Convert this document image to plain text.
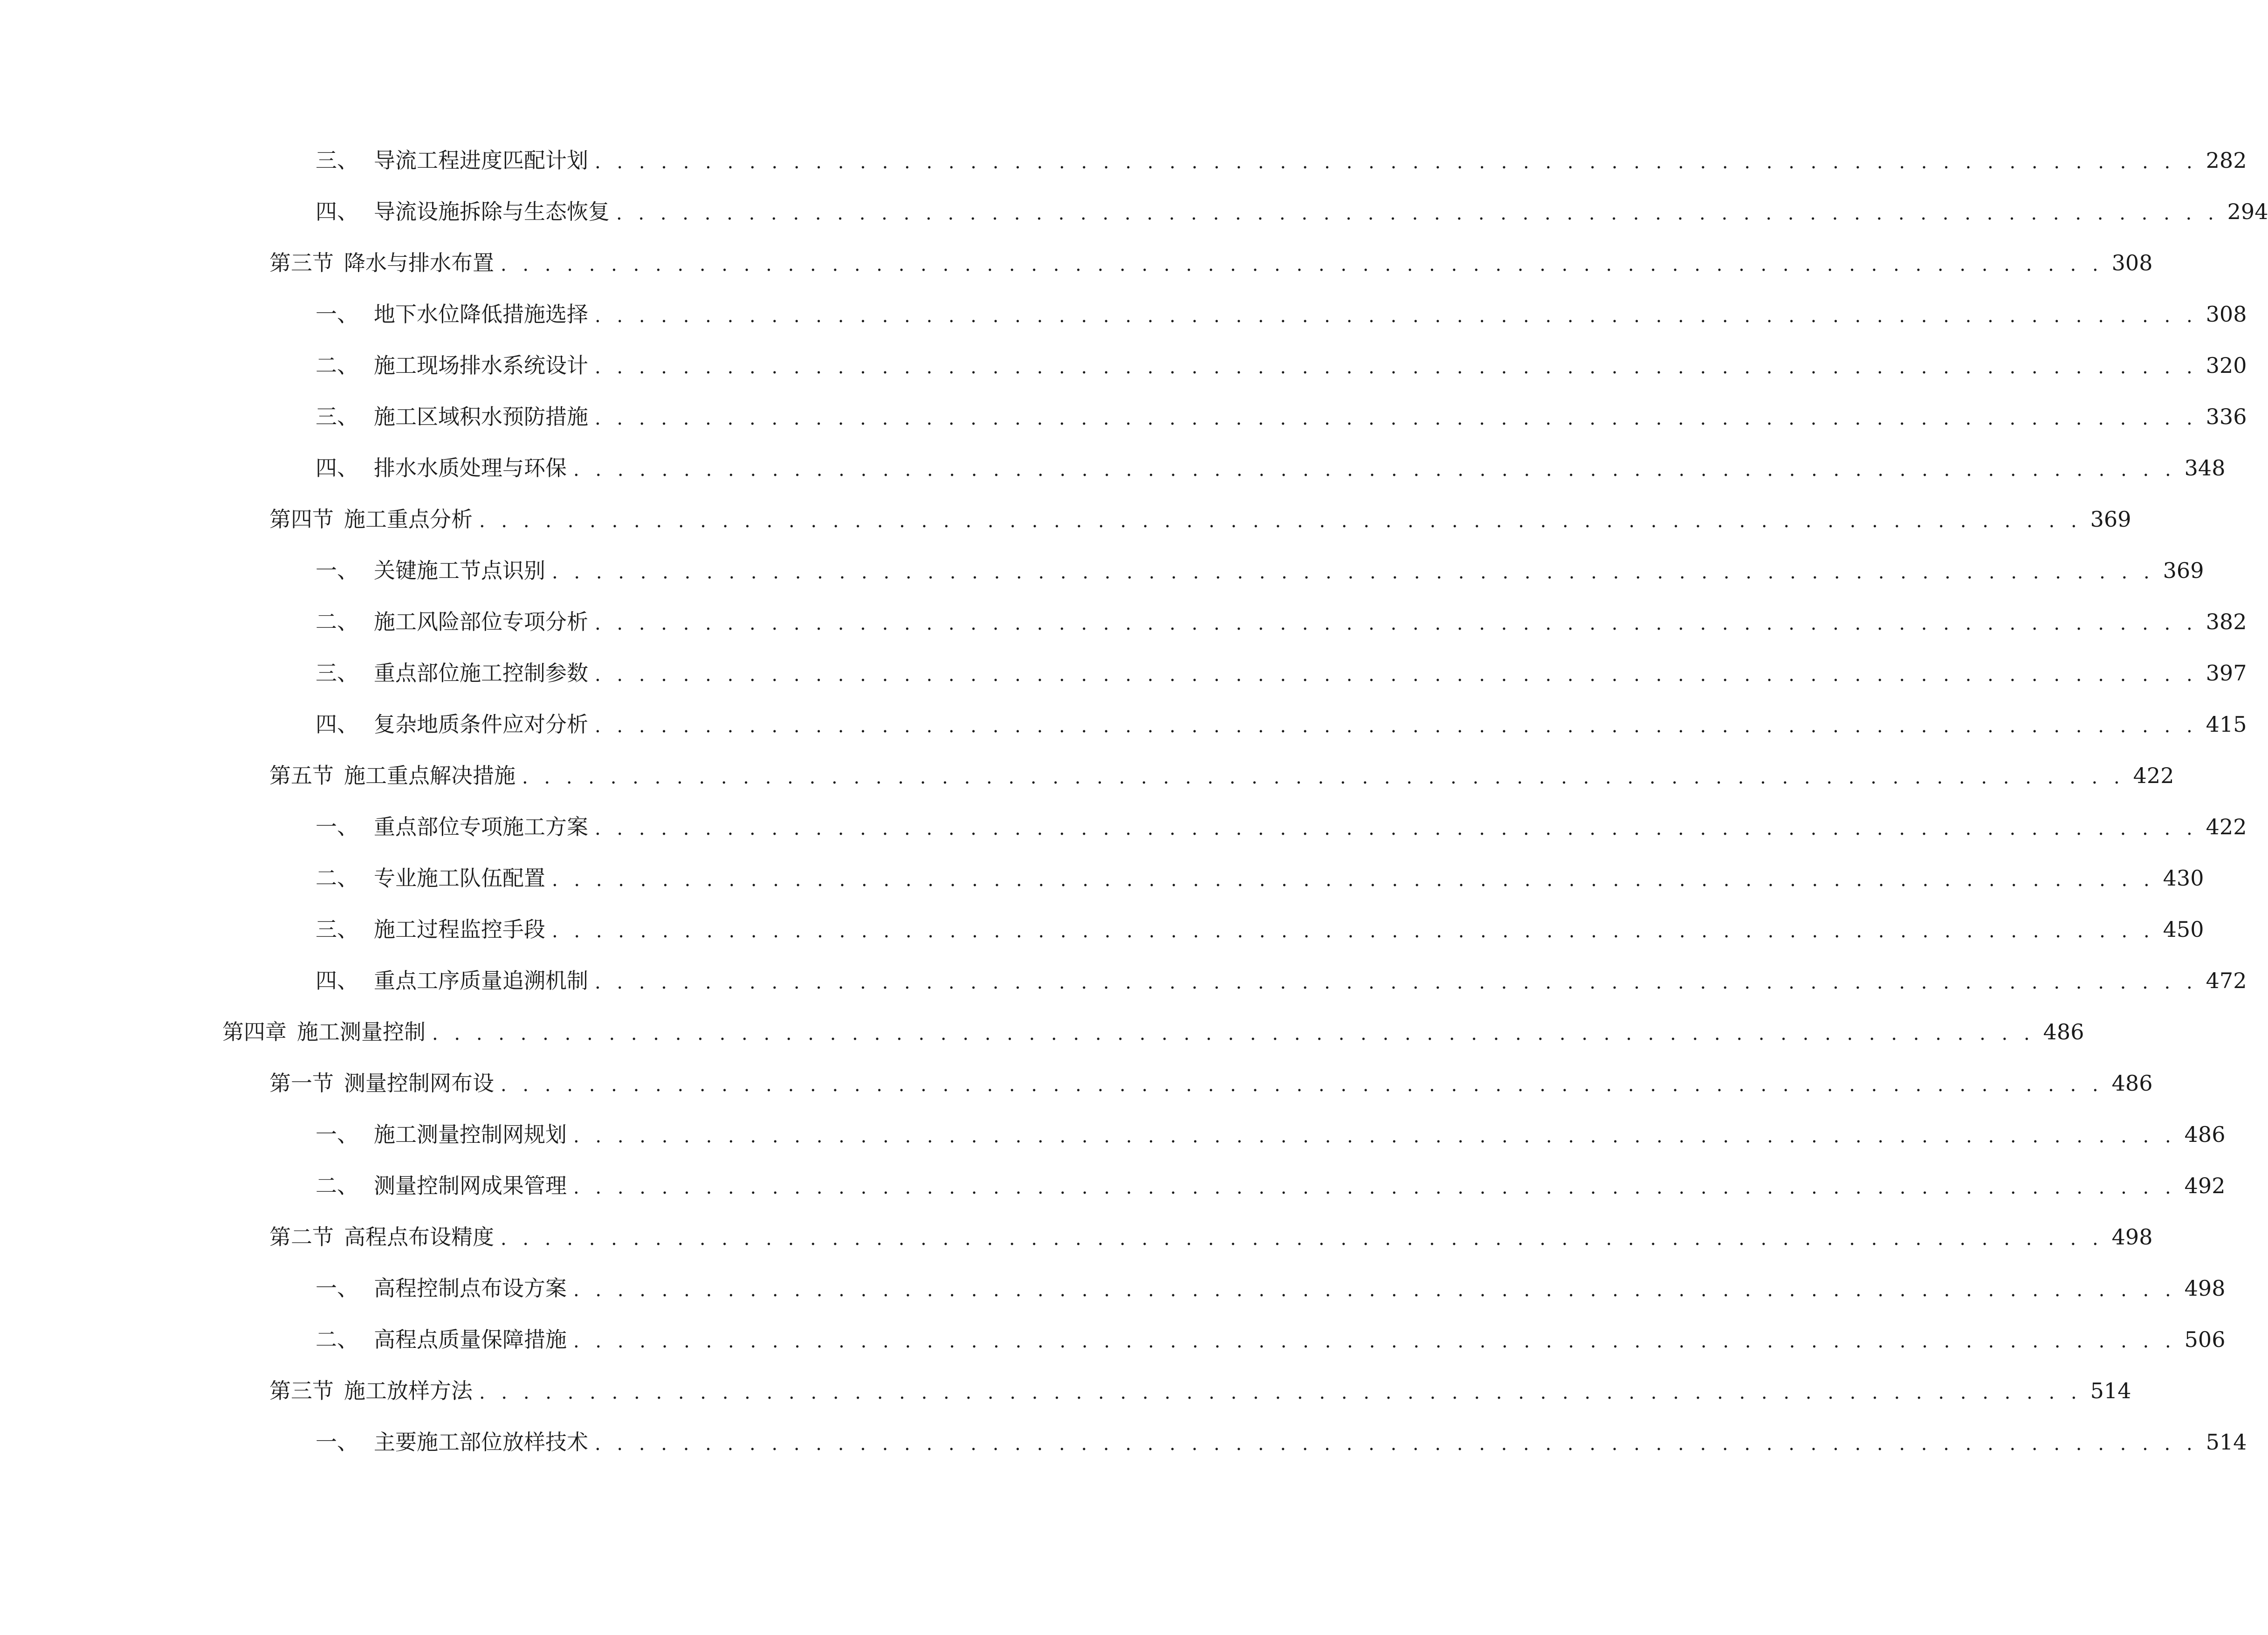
三、 导流工程进度匹配计划 . . . . . . . . . . . . . . . . . . . . . . . . . . . . . . . . . . . . . . . . . . . . . . . . . . . . . . . . . . . . . . . . . . . . . . . . . 282
四、 导流设施拆除与生态恢复 . . . . . . . . . . . . . . . . . . . . . . . . . . . . . . . . . . . . . . . . . . . . . . . . . . . . . . . . . . . . . . . . . . . . . . . . . 294
第三节 降水与排水布置 . . . . . . . . . . . . . . . . . . . . . . . . . . . . . . . . . . . . . . . . . . . . . . . . . . . . . . . . . . . . . . . . . . . . . . . . . 308
一、 地下水位降低措施选择 . . . . . . . . . . . . . . . . . . . . . . . . . . . . . . . . . . . . . . . . . . . . . . . . . . . . . . . . . . . . . . . . . . . . . . . . . 308
二、 施工现场排水系统设计 . . . . . . . . . . . . . . . . . . . . . . . . . . . . . . . . . . . . . . . . . . . . . . . . . . . . . . . . . . . . . . . . . . . . . . . . . 320
三、 施工区域积水预防措施 . . . . . . . . . . . . . . . . . . . . . . . . . . . . . . . . . . . . . . . . . . . . . . . . . . . . . . . . . . . . . . . . . . . . . . . . . 336
四、 排水水质处理与环保 . . . . . . . . . . . . . . . . . . . . . . . . . . . . . . . . . . . . . . . . . . . . . . . . . . . . . . . . . . . . . . . . . . . . . . . . . 348
第四节 施工重点分析 . . . . . . . . . . . . . . . . . . . . . . . . . . . . . . . . . . . . . . . . . . . . . . . . . . . . . . . . . . . . . . . . . . . . . . . . . 369
一、 关键施工节点识别 . . . . . . . . . . . . . . . . . . . . . . . . . . . . . . . . . . . . . . . . . . . . . . . . . . . . . . . . . . . . . . . . . . . . . . . . . 369
二、 施工风险部位专项分析 . . . . . . . . . . . . . . . . . . . . . . . . . . . . . . . . . . . . . . . . . . . . . . . . . . . . . . . . . . . . . . . . . . . . . . . . . 382
三、 重点部位施工控制参数 . . . . . . . . . . . . . . . . . . . . . . . . . . . . . . . . . . . . . . . . . . . . . . . . . . . . . . . . . . . . . . . . . . . . . . . . . 397
四、 复杂地质条件应对分析 . . . . . . . . . . . . . . . . . . . . . . . . . . . . . . . . . . . . . . . . . . . . . . . . . . . . . . . . . . . . . . . . . . . . . . . . . 415
第五节 施工重点解决措施 . . . . . . . . . . . . . . . . . . . . . . . . . . . . . . . . . . . . . . . . . . . . . . . . . . . . . . . . . . . . . . . . . . . . . . . . . 422
一、 重点部位专项施工方案 . . . . . . . . . . . . . . . . . . . . . . . . . . . . . . . . . . . . . . . . . . . . . . . . . . . . . . . . . . . . . . . . . . . . . . . . . 422
二、 专业施工队伍配置 . . . . . . . . . . . . . . . . . . . . . . . . . . . . . . . . . . . . . . . . . . . . . . . . . . . . . . . . . . . . . . . . . . . . . . . . . 430
三、 施工过程监控手段 . . . . . . . . . . . . . . . . . . . . . . . . . . . . . . . . . . . . . . . . . . . . . . . . . . . . . . . . . . . . . . . . . . . . . . . . . 450
四、 重点工序质量追溯机制 . . . . . . . . . . . . . . . . . . . . . . . . . . . . . . . . . . . . . . . . . . . . . . . . . . . . . . . . . . . . . . . . . . . . . . . . . 472
第四章 施工测量控制 . . . . . . . . . . . . . . . . . . . . . . . . . . . . . . . . . . . . . . . . . . . . . . . . . . . . . . . . . . . . . . . . . . . . . . . . . 486
第一节 测量控制网布设 . . . . . . . . . . . . . . . . . . . . . . . . . . . . . . . . . . . . . . . . . . . . . . . . . . . . . . . . . . . . . . . . . . . . . . . . . 486
一、 施工测量控制网规划 . . . . . . . . . . . . . . . . . . . . . . . . . . . . . . . . . . . . . . . . . . . . . . . . . . . . . . . . . . . . . . . . . . . . . . . . . 486
二、 测量控制网成果管理 . . . . . . . . . . . . . . . . . . . . . . . . . . . . . . . . . . . . . . . . . . . . . . . . . . . . . . . . . . . . . . . . . . . . . . . . . 492
第二节 高程点布设精度 . . . . . . . . . . . . . . . . . . . . . . . . . . . . . . . . . . . . . . . . . . . . . . . . . . . . . . . . . . . . . . . . . . . . . . . . . 498
一、 高程控制点布设方案 . . . . . . . . . . . . . . . . . . . . . . . . . . . . . . . . . . . . . . . . . . . . . . . . . . . . . . . . . . . . . . . . . . . . . . . . . 498
二、 高程点质量保障措施 . . . . . . . . . . . . . . . . . . . . . . . . . . . . . . . . . . . . . . . . . . . . . . . . . . . . . . . . . . . . . . . . . . . . . . . . . 506
第三节 施工放样方法 . . . . . . . . . . . . . . . . . . . . . . . . . . . . . . . . . . . . . . . . . . . . . . . . . . . . . . . . . . . . . . . . . . . . . . . . . 514
一、 主要施工部位放样技术 . . . . . . . . . . . . . . . . . . . . . . . . . . . . . . . . . . . . . . . . . . . . . . . . . . . . . . . . . . . . . . . . . . . . . . . . . 514
